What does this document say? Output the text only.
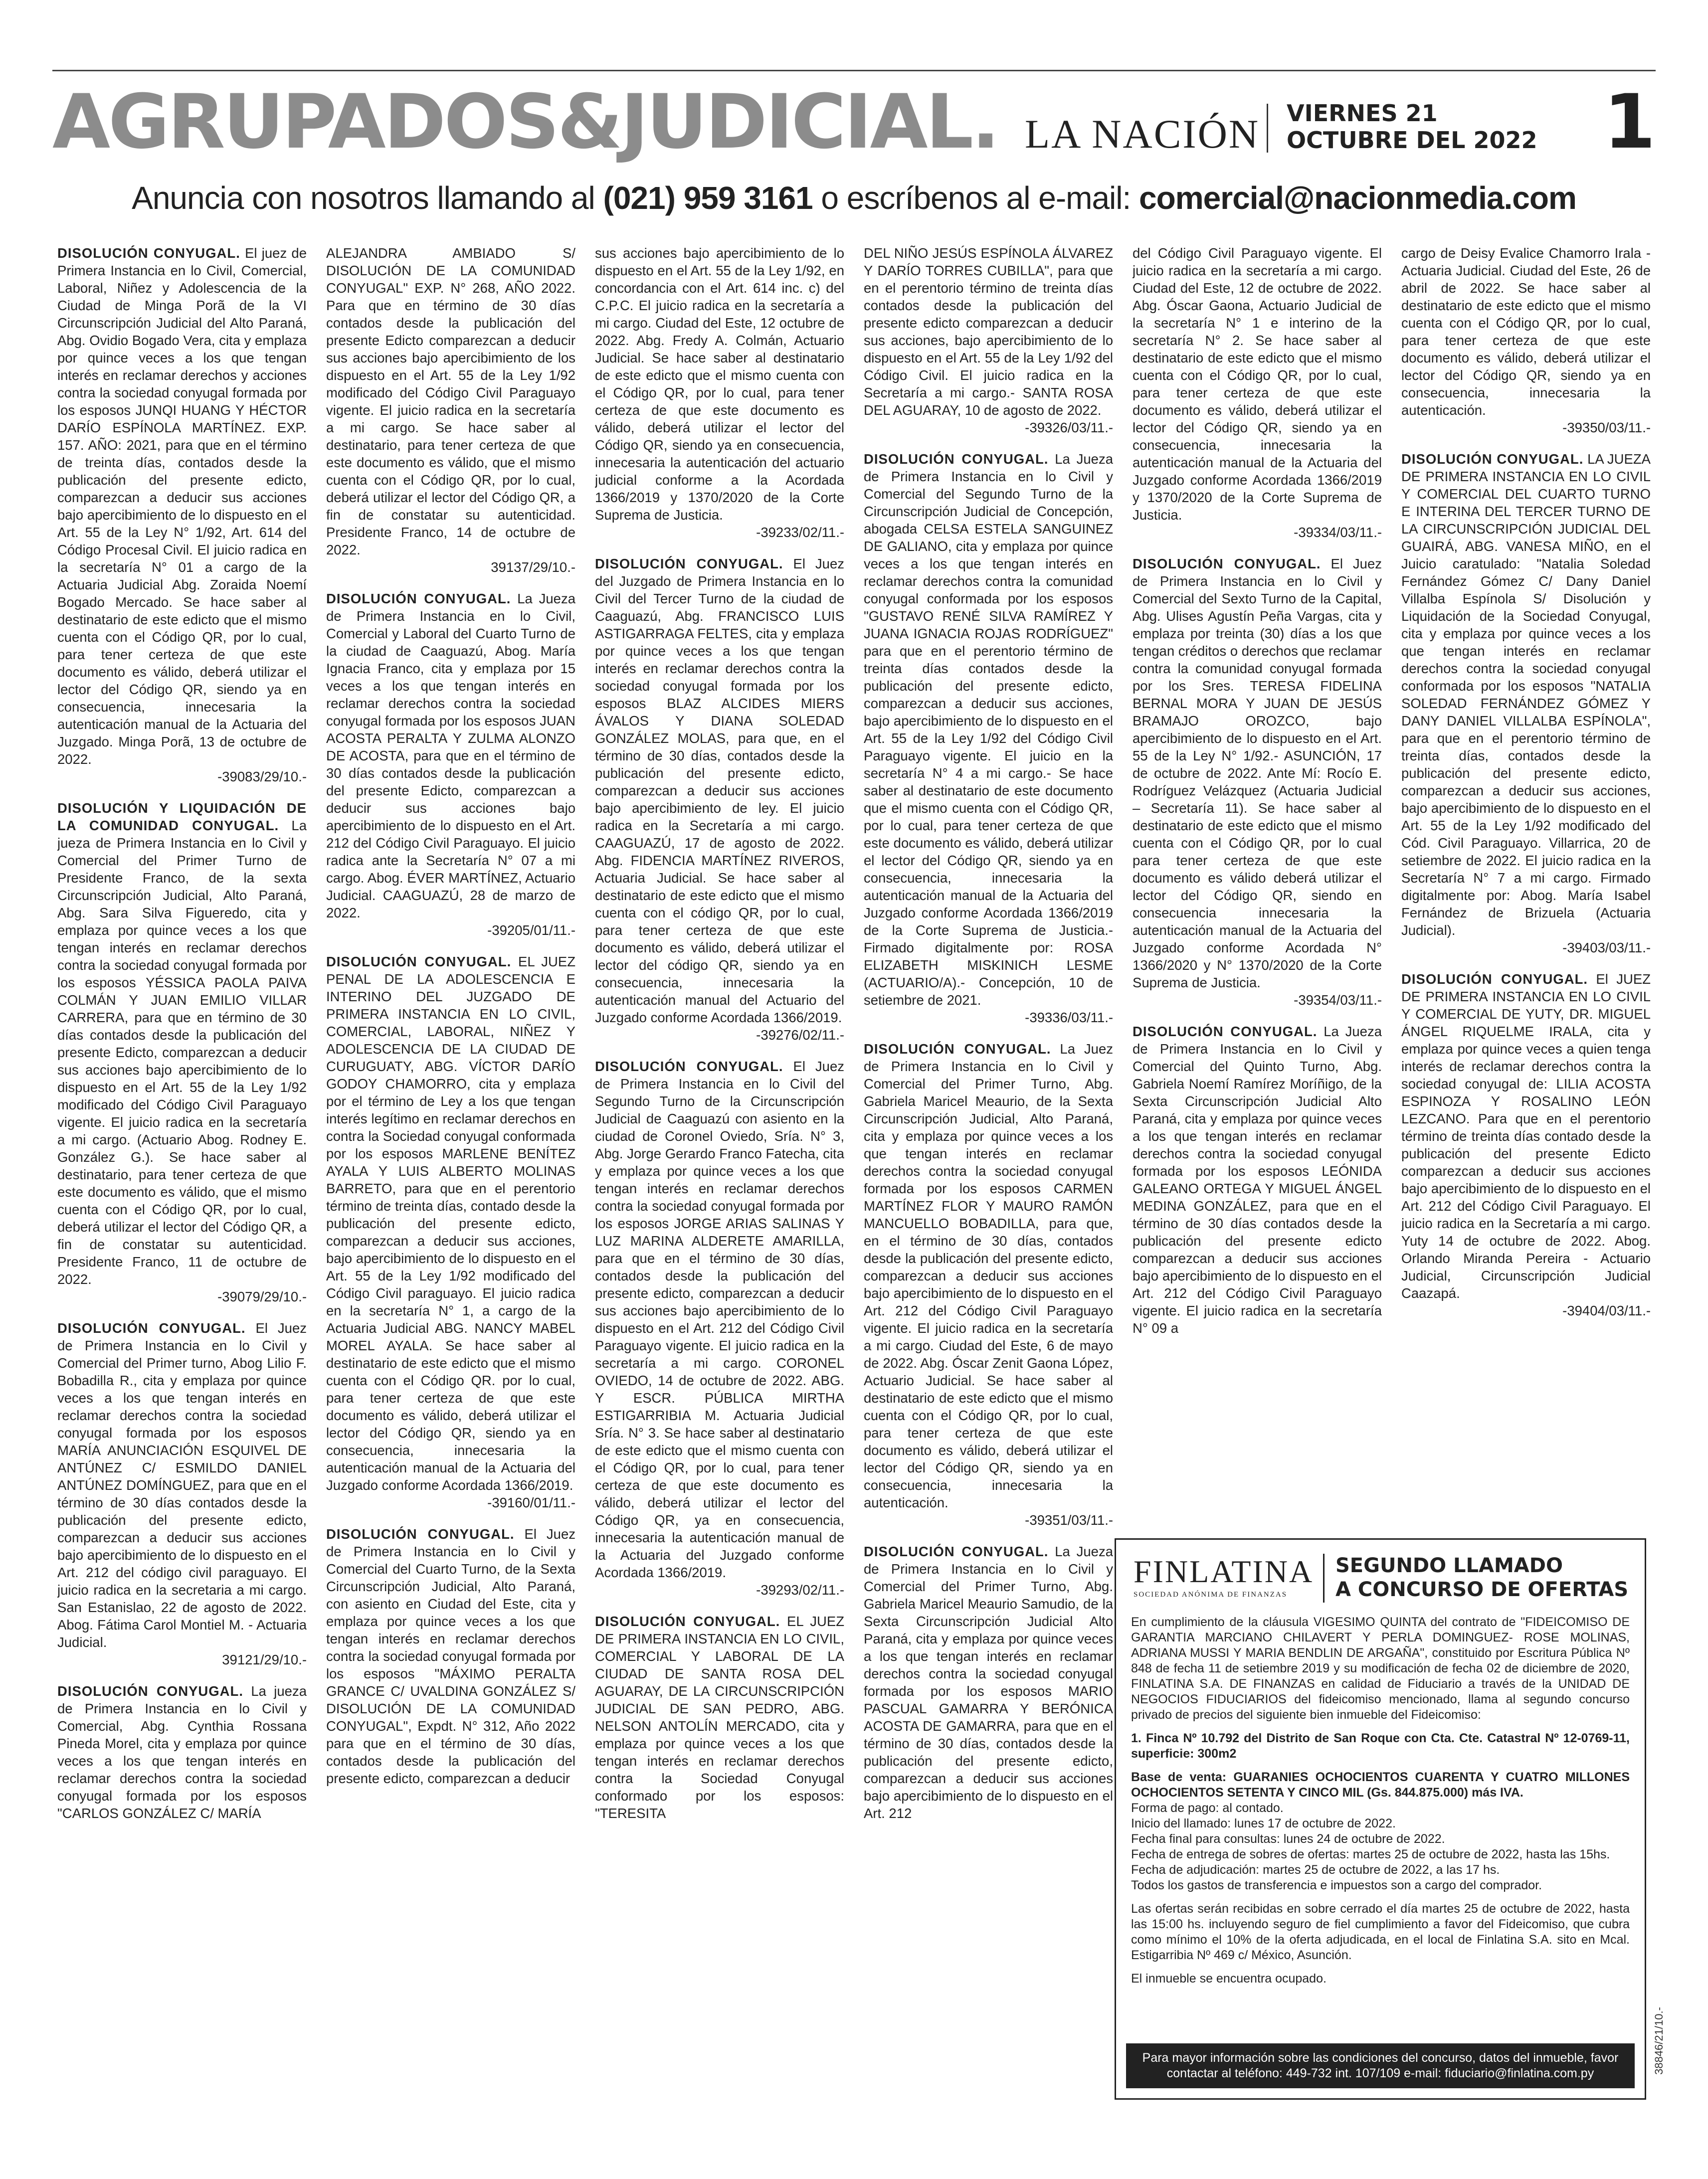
AGRUPADOS&JUDICIAL. LA NACIÓN VIERNES 21
OCTUBRE DEL 2022 1
Anuncia con nosotros llamando al (021) 959 3161 o escríbenos al e-mail: comercial@nacionmedia.com
DISOLUCIÓN CONYUGAL. El juez de Primera Instancia en lo Civil, Comercial, Laboral, Niñez y Adolescencia de la Ciudad de Minga Porã de la VI Circunscripción Judicial del Alto Paraná, Abg. Ovidio Bogado Vera, cita y emplaza por quince veces a los que tengan interés en reclamar derechos y acciones contra la sociedad conyugal formada por los esposos JUNQI HUANG Y HÉCTOR DARÍO ESPÍNOLA MARTÍNEZ. EXP. 157. AÑO: 2021, para que en el término de treinta días, contados desde la publicación del presente edicto, comparezcan a deducir sus acciones bajo apercibimiento de lo dispuesto en el Art. 55 de la Ley N° 1/92, Art. 614 del Código Procesal Civil. El juicio radica en la secretaría N° 01 a cargo de la Actuaria Judicial Abg. Zoraida Noemí Bogado Mercado. Se hace saber al destinatario de este edicto que el mismo cuenta con el Código QR, por lo cual, para tener certeza de que este documento es válido, deberá utilizar el lector del Código QR, siendo ya en consecuencia, innecesaria la autenticación manual de la Actuaria del Juzgado. Minga Porã, 13 de octubre de 2022.
-39083/29/10.-
DISOLUCIÓN Y LIQUIDACIÓN DE LA COMUNIDAD CONYUGAL. La jueza de Primera Instancia en lo Civil y Comercial del Primer Turno de Presidente Franco, de la sexta Circunscripción Judicial, Alto Paraná, Abg. Sara Silva Figueredo, cita y emplaza por quince veces a los que tengan interés en reclamar derechos contra la sociedad conyugal formada por los esposos YÉSSICA PAOLA PAIVA COLMÁN Y JUAN EMILIO VILLAR CARRERA, para que en término de 30 días contados desde la publicación del presente Edicto, comparezcan a deducir sus acciones bajo apercibimiento de lo dispuesto en el Art. 55 de la Ley 1/92 modificado del Código Civil Paraguayo vigente. El juicio radica en la secretaría a mi cargo. (Actuario Abog. Rodney E. González G.). Se hace saber al destinatario, para tener certeza de que este documento es válido, que el mismo cuenta con el Código QR, por lo cual, deberá utilizar el lector del Código QR, a fin de constatar su autenticidad. Presidente Franco, 11 de octubre de 2022.
-39079/29/10.-
DISOLUCIÓN CONYUGAL. El Juez de Primera Instancia en lo Civil y Comercial del Primer turno, Abog Lilio F. Bobadilla R., cita y emplaza por quince veces a los que tengan interés en reclamar derechos contra la sociedad conyugal formada por los esposos MARÍA ANUNCIACIÓN ESQUIVEL DE ANTÚNEZ C/ ESMILDO DANIEL ANTÚNEZ DOMÍNGUEZ, para que en el término de 30 días contados desde la publicación del presente edicto, comparezcan a deducir sus acciones bajo apercibimiento de lo dispuesto en el Art. 212 del código civil paraguayo. El juicio radica en la secretaria a mi cargo. San Estanislao, 22 de agosto de 2022. Abog. Fátima Carol Montiel M. - Actuaria Judicial.
39121/29/10.-
DISOLUCIÓN CONYUGAL. La jueza de Primera Instancia en lo Civil y Comercial, Abg. Cynthia Rossana Pineda Morel, cita y emplaza por quince veces a los que tengan interés en reclamar derechos contra la sociedad conyugal formada por los esposos "CARLOS GONZÁLEZ C/ MARÍA
ALEJANDRA AMBIADO S/ DISOLUCIÓN DE LA COMUNIDAD CONYUGAL" EXP. N° 268, AÑO 2022. Para que en término de 30 días contados desde la publicación del presente Edicto comparezcan a deducir sus acciones bajo apercibimiento de los dispuesto en el Art. 55 de la Ley 1/92 modificado del Código Civil Paraguayo vigente. El juicio radica en la secretaría a mi cargo. Se hace saber al destinatario, para tener certeza de que este documento es válido, que el mismo cuenta con el Código QR, por lo cual, deberá utilizar el lector del Código QR, a fin de constatar su autenticidad. Presidente Franco, 14 de octubre de 2022.
39137/29/10.-
DISOLUCIÓN CONYUGAL. La Jueza de Primera Instancia en lo Civil, Comercial y Laboral del Cuarto Turno de la ciudad de Caaguazú, Abog. María Ignacia Franco, cita y emplaza por 15 veces a los que tengan interés en reclamar derechos contra la sociedad conyugal formada por los esposos JUAN ACOSTA PERALTA Y ZULMA ALONZO DE ACOSTA, para que en el término de 30 días contados desde la publicación del presente Edicto, comparezcan a deducir sus acciones bajo apercibimiento de lo dispuesto en el Art. 212 del Código Civil Paraguayo. El juicio radica ante la Secretaría N° 07 a mi cargo. Abog. ÉVER MARTÍNEZ, Actuario Judicial. CAAGUAZÚ, 28 de marzo de 2022.
-39205/01/11.-
DISOLUCIÓN CONYUGAL. EL JUEZ PENAL DE LA ADOLESCENCIA E INTERINO DEL JUZGADO DE PRIMERA INSTANCIA EN LO CIVIL, COMERCIAL, LABORAL, NIÑEZ Y ADOLESCENCIA DE LA CIUDAD DE CURUGUATY, ABG. VÍCTOR DARÍO GODOY CHAMORRO, cita y emplaza por el término de Ley a los que tengan interés legítimo en reclamar derechos en contra la Sociedad conyugal conformada por los esposos MARLENE BENÍTEZ AYALA Y LUIS ALBERTO MOLINAS BARRETO, para que en el perentorio término de treinta días, contado desde la publicación del presente edicto, comparezcan a deducir sus acciones, bajo apercibimiento de lo dispuesto en el Art. 55 de la Ley 1/92 modificado del Código Civil paraguayo. El juicio radica en la secretaría N° 1, a cargo de la Actuaria Judicial ABG. NANCY MABEL MOREL AYALA. Se hace saber al destinatario de este edicto que el mismo cuenta con el Código QR. por lo cual, para tener certeza de que este documento es válido, deberá utilizar el lector del Código QR, siendo ya en consecuencia, innecesaria la autenticación manual de la Actuaria del Juzgado conforme Acordada 1366/2019.
-39160/01/11.-
DISOLUCIÓN CONYUGAL. El Juez de Primera Instancia en lo Civil y Comercial del Cuarto Turno, de la Sexta Circunscripción Judicial, Alto Paraná, con asiento en Ciudad del Este, cita y emplaza por quince veces a los que tengan interés en reclamar derechos contra la sociedad conyugal formada por los esposos "MÁXIMO PERALTA GRANCE C/ UVALDINA GONZÁLEZ S/ DISOLUCIÓN DE LA COMUNIDAD CONYUGAL", Expdt. N° 312, Año 2022 para que en el término de 30 días, contados desde la publicación del presente edicto, comparezcan a deducir
sus acciones bajo apercibimiento de lo dispuesto en el Art. 55 de la Ley 1/92, en concordancia con el Art. 614 inc. c) del C.P.C. El juicio radica en la secretaría a mi cargo. Ciudad del Este, 12 octubre de 2022. Abg. Fredy A. Colmán, Actuario Judicial. Se hace saber al destinatario de este edicto que el mismo cuenta con el Código QR, por lo cual, para tener certeza de que este documento es válido, deberá utilizar el lector del Código QR, siendo ya en consecuencia, innecesaria la autenticación del actuario judicial conforme a la Acordada 1366/2019 y 1370/2020 de la Corte Suprema de Justicia.
-39233/02/11.-
DISOLUCIÓN CONYUGAL. El Juez del Juzgado de Primera Instancia en lo Civil del Tercer Turno de la ciudad de Caaguazú, Abg. FRANCISCO LUIS ASTIGARRAGA FELTES, cita y emplaza por quince veces a los que tengan interés en reclamar derechos contra la sociedad conyugal formada por los esposos BLAZ ALCIDES MIERS ÁVALOS Y DIANA SOLEDAD GONZÁLEZ MOLAS, para que, en el término de 30 días, contados desde la publicación del presente edicto, comparezcan a deducir sus acciones bajo apercibimiento de ley. El juicio radica en la Secretaría a mi cargo. CAAGUAZÚ, 17 de agosto de 2022. Abg. FIDENCIA MARTÍNEZ RIVEROS, Actuaria Judicial. Se hace saber al destinatario de este edicto que el mismo cuenta con el código QR, por lo cual, para tener certeza de que este documento es válido, deberá utilizar el lector del código QR, siendo ya en consecuencia, innecesaria la autenticación manual del Actuario del Juzgado conforme Acordada 1366/2019.
-39276/02/11.-
DISOLUCIÓN CONYUGAL. El Juez de Primera Instancia en lo Civil del Segundo Turno de la Circunscripción Judicial de Caaguazú con asiento en la ciudad de Coronel Oviedo, Sría. N° 3, Abg. Jorge Gerardo Franco Fatecha, cita y emplaza por quince veces a los que tengan interés en reclamar derechos contra la sociedad conyugal formada por los esposos JORGE ARIAS SALINAS Y LUZ MARINA ALDERETE AMARILLA, para que en el término de 30 días, contados desde la publicación del presente edicto, comparezcan a deducir sus acciones bajo apercibimiento de lo dispuesto en el Art. 212 del Código Civil Paraguayo vigente. El juicio radica en la secretaría a mi cargo. CORONEL OVIEDO, 14 de octubre de 2022. ABG. Y ESCR. PÚBLICA MIRTHA ESTIGARRIBIA M. Actuaria Judicial Sría. N° 3. Se hace saber al destinatario de este edicto que el mismo cuenta con el Código QR, por lo cual, para tener certeza de que este documento es válido, deberá utilizar el lector del Código QR, ya en consecuencia, innecesaria la autenticación manual de la Actuaria del Juzgado conforme Acordada 1366/2019.
-39293/02/11.-
DISOLUCIÓN CONYUGAL. EL JUEZ DE PRIMERA INSTANCIA EN LO CIVIL, COMERCIAL Y LABORAL DE LA CIUDAD DE SANTA ROSA DEL AGUARAY, DE LA CIRCUNSCRIPCIÓN JUDICIAL DE SAN PEDRO, ABG. NELSON ANTOLÍN MERCADO, cita y emplaza por quince veces a los que tengan interés en reclamar derechos contra la Sociedad Conyugal conformado por los esposos: "TERESITA
DEL NIÑO JESÚS ESPÍNOLA ÁLVAREZ Y DARÍO TORRES CUBILLA", para que en el perentorio término de treinta días contados desde la publicación del presente edicto comparezcan a deducir sus acciones, bajo apercibimiento de lo dispuesto en el Art. 55 de la Ley 1/92 del Código Civil. El juicio radica en la Secretaría a mi cargo.- SANTA ROSA DEL AGUARAY, 10 de agosto de 2022.
-39326/03/11.-
DISOLUCIÓN CONYUGAL. La Jueza de Primera Instancia en lo Civil y Comercial del Segundo Turno de la Circunscripción Judicial de Concepción, abogada CELSA ESTELA SANGUINEZ DE GALIANO, cita y emplaza por quince veces a los que tengan interés en reclamar derechos contra la comunidad conyugal conformada por los esposos "GUSTAVO RENÉ SILVA RAMÍREZ Y JUANA IGNACIA ROJAS RODRÍGUEZ" para que en el perentorio término de treinta días contados desde la publicación del presente edicto, comparezcan a deducir sus acciones, bajo apercibimiento de lo dispuesto en el Art. 55 de la Ley 1/92 del Código Civil Paraguayo vigente. El juicio en la secretaría N° 4 a mi cargo.- Se hace saber al destinatario de este documento que el mismo cuenta con el Código QR, por lo cual, para tener certeza de que este documento es válido, deberá utilizar el lector del Código QR, siendo ya en consecuencia, innecesaria la autenticación manual de la Actuaria del Juzgado conforme Acordada 1366/2019 de la Corte Suprema de Justicia.- Firmado digitalmente por: ROSA ELIZABETH MISKINICH LESME (ACTUARIO/A).- Concepción, 10 de setiembre de 2021.
-39336/03/11.-
DISOLUCIÓN CONYUGAL. La Juez de Primera Instancia en lo Civil y Comercial del Primer Turno, Abg. Gabriela Maricel Meaurio, de la Sexta Circunscripción Judicial, Alto Paraná, cita y emplaza por quince veces a los que tengan interés en reclamar derechos contra la sociedad conyugal formada por los esposos CARMEN MARTÍNEZ FLOR Y MAURO RAMÓN MANCUELLO BOBADILLA, para que, en el término de 30 días, contados desde la publicación del presente edicto, comparezcan a deducir sus acciones bajo apercibimiento de lo dispuesto en el Art. 212 del Código Civil Paraguayo vigente. El juicio radica en la secretaría a mi cargo. Ciudad del Este, 6 de mayo de 2022. Abg. Óscar Zenit Gaona López, Actuario Judicial. Se hace saber al destinatario de este edicto que el mismo cuenta con el Código QR, por lo cual, para tener certeza de que este documento es válido, deberá utilizar el lector del Código QR, siendo ya en consecuencia, innecesaria la autenticación.
-39351/03/11.-
DISOLUCIÓN CONYUGAL. La Jueza de Primera Instancia en lo Civil y Comercial del Primer Turno, Abg. Gabriela Maricel Meaurio Samudio, de la Sexta Circunscripción Judicial Alto Paraná, cita y emplaza por quince veces a los que tengan interés en reclamar derechos contra la sociedad conyugal formada por los esposos MARIO PASCUAL GAMARRA Y BERÓNICA ACOSTA DE GAMARRA, para que en el término de 30 días, contados desde la publicación del presente edicto, comparezcan a deducir sus acciones bajo apercibimiento de lo dispuesto en el Art. 212
del Código Civil Paraguayo vigente. El juicio radica en la secretaría a mi cargo. Ciudad del Este, 12 de octubre de 2022. Abg. Óscar Gaona, Actuario Judicial de la secretaría N° 1 e interino de la secretaría N° 2. Se hace saber al destinatario de este edicto que el mismo cuenta con el Código QR, por lo cual, para tener certeza de que este documento es válido, deberá utilizar el lector del Código QR, siendo ya en consecuencia, innecesaria la autenticación manual de la Actuaria del Juzgado conforme Acordada 1366/2019 y 1370/2020 de la Corte Suprema de Justicia.
-39334/03/11.-
DISOLUCIÓN CONYUGAL. El Juez de Primera Instancia en lo Civil y Comercial del Sexto Turno de la Capital, Abg. Ulises Agustín Peña Vargas, cita y emplaza por treinta (30) días a los que tengan créditos o derechos que reclamar contra la comunidad conyugal formada por los Sres. TERESA FIDELINA BERNAL MORA Y JUAN DE JESÚS BRAMAJO OROZCO, bajo apercibimiento de lo dispuesto en el Art. 55 de la Ley N° 1/92.- ASUNCIÓN, 17 de octubre de 2022. Ante Mí: Rocío E. Rodríguez Velázquez (Actuaria Judicial – Secretaría 11). Se hace saber al destinatario de este edicto que el mismo cuenta con el Código QR, por lo cual para tener certeza de que este documento es válido deberá utilizar el lector del Código QR, siendo en consecuencia innecesaria la autenticación manual de la Actuaria del Juzgado conforme Acordada N° 1366/2020 y N° 1370/2020 de la Corte Suprema de Justicia.
-39354/03/11.-
DISOLUCIÓN CONYUGAL. La Jueza de Primera Instancia en lo Civil y Comercial del Quinto Turno, Abg. Gabriela Noemí Ramírez Moríñigo, de la Sexta Circunscripción Judicial Alto Paraná, cita y emplaza por quince veces a los que tengan interés en reclamar derechos contra la sociedad conyugal formada por los esposos LEÓNIDA GALEANO ORTEGA Y MIGUEL ÁNGEL MEDINA GONZÁLEZ, para que en el término de 30 días contados desde la publicación del presente edicto comparezcan a deducir sus acciones bajo apercibimiento de lo dispuesto en el Art. 212 del Código Civil Paraguayo vigente. El juicio radica en la secretaría N° 09 a
cargo de Deisy Evalice Chamorro Irala - Actuaria Judicial. Ciudad del Este, 26 de abril de 2022. Se hace saber al destinatario de este edicto que el mismo cuenta con el Código QR, por lo cual, para tener certeza de que este documento es válido, deberá utilizar el lector del Código QR, siendo ya en consecuencia, innecesaria la autenticación.
-39350/03/11.-
DISOLUCIÓN CONYUGAL. LA JUEZA DE PRIMERA INSTANCIA EN LO CIVIL Y COMERCIAL DEL CUARTO TURNO E INTERINA DEL TERCER TURNO DE LA CIRCUNSCRIPCIÓN JUDICIAL DEL GUAIRÁ, ABG. VANESA MIÑO, en el Juicio caratulado: "Natalia Soledad Fernández Gómez C/ Dany Daniel Villalba Espínola S/ Disolución y Liquidación de la Sociedad Conyugal, cita y emplaza por quince veces a los que tengan interés en reclamar derechos contra la sociedad conyugal conformada por los esposos "NATALIA SOLEDAD FERNÁNDEZ GÓMEZ Y DANY DANIEL VILLALBA ESPÍNOLA", para que en el perentorio término de treinta días, contados desde la publicación del presente edicto, comparezcan a deducir sus acciones, bajo apercibimiento de lo dispuesto en el Art. 55 de la Ley 1/92 modificado del Cód. Civil Paraguayo. Villarrica, 20 de setiembre de 2022. El juicio radica en la Secretaría N° 7 a mi cargo. Firmado digitalmente por: Abog. María Isabel Fernández de Brizuela (Actuaria Judicial).
-39403/03/11.-
DISOLUCIÓN CONYUGAL. El JUEZ DE PRIMERA INSTANCIA EN LO CIVIL Y COMERCIAL DE YUTY, DR. MIGUEL ÁNGEL RIQUELME IRALA, cita y emplaza por quince veces a quien tenga interés de reclamar derechos contra la sociedad conyugal de: LILIA ACOSTA ESPINOZA Y ROSALINO LEÓN LEZCANO. Para que en el perentorio término de treinta días contado desde la publicación del presente Edicto comparezcan a deducir sus acciones bajo apercibimiento de lo dispuesto en el Art. 212 del Código Civil Paraguayo. El juicio radica en la Secretaría a mi cargo. Yuty 14 de octubre de 2022. Abog. Orlando Miranda Pereira - Actuario Judicial, Circunscripción Judicial Caazapá.
-39404/03/11.-
FINLATINA
SOCIEDAD ANÓNIMA DE FINANZAS
SEGUNDO LLAMADO
A CONCURSO DE OFERTAS

En cumplimiento de la cláusula VIGESIMO QUINTA del contrato de "FIDEICOMISO DE GARANTIA MARCIANO CHILAVERT Y PERLA DOMINGUEZ- ROSE MOLINAS, ADRIANA MUSSI Y MARIA BENDLIN DE ARGAÑA", constituido por Escritura Pública Nº 848 de fecha 11 de setiembre 2019 y su modificación de fecha 02 de diciembre de 2020, FINLATINA S.A. DE FINANZAS en calidad de Fiduciario a través de la UNIDAD DE NEGOCIOS FIDUCIARIOS del fideicomiso mencionado, llama al segundo concurso privado de precios del siguiente bien inmueble del Fideicomiso:

1. Finca Nº 10.792 del Distrito de San Roque con Cta. Cte. Catastral Nº 12-0769-11, superficie: 300m2

Base de venta: GUARANIES OCHOCIENTOS CUARENTA Y CUATRO MILLONES OCHOCIENTOS SETENTA Y CINCO MIL (Gs. 844.875.000) más IVA.

Forma de pago: al contado.

Inicio del llamado: lunes 17 de octubre de 2022.

Fecha final para consultas: lunes 24 de octubre de 2022.

Fecha de entrega de sobres de ofertas: martes 25 de octubre de 2022, hasta las 15hs.

Fecha de adjudicación: martes 25 de octubre de 2022, a las 17 hs.

Todos los gastos de transferencia e impuestos son a cargo del comprador.

Las ofertas serán recibidas en sobre cerrado el día martes 25 de octubre de 2022, hasta las 15:00 hs. incluyendo seguro de fiel cumplimiento a favor del Fideicomiso, que cubra como mínimo el 10% de la oferta adjudicada, en el local de Finlatina S.A. sito en Mcal. Estigarribia Nº 469 c/ México, Asunción.

El inmueble se encuentra ocupado.

Para mayor información sobre las condiciones del concurso, datos del inmueble, favor contactar al teléfono: 449-732 int. 107/109 e-mail: fiduciario@finlatina.com.py	38846/21/10.-
